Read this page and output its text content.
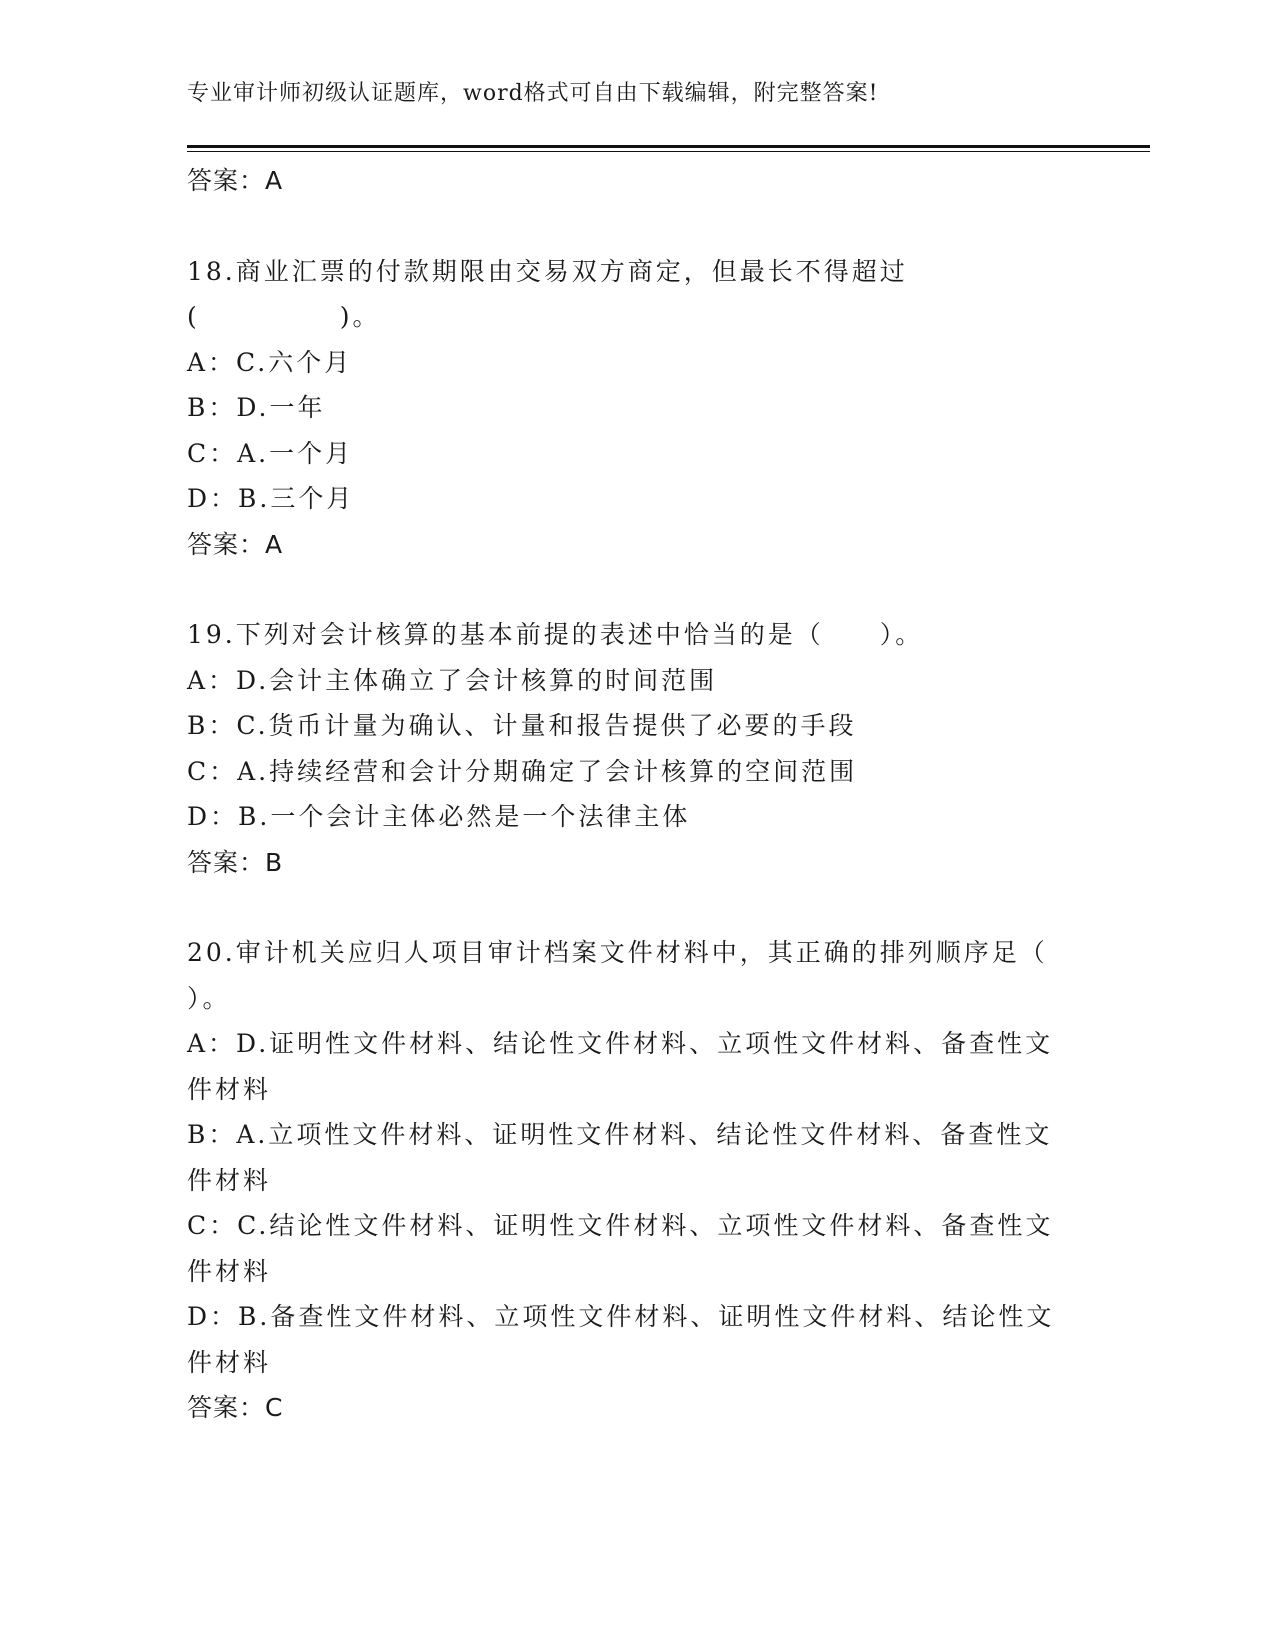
专业审计师初级认证题库，word格式可自由下载编辑，附完整答案!
答案：A
18.商业汇票的付款期限由交易双方商定，但最长不得超过
(　　　　　)。
A：C.六个月
B：D.一年
C：A.一个月
D：B.三个月
答案：A
19.下列对会计核算的基本前提的表述中恰当的是（　　）。
A：D.会计主体确立了会计核算的时间范围
B：C.货币计量为确认、计量和报告提供了必要的手段
C：A.持续经营和会计分期确定了会计核算的空间范围
D：B.一个会计主体必然是一个法律主体
答案：B
20.审计机关应归人项目审计档案文件材料中，其正确的排列顺序足（
）。
A：D.证明性文件材料、结论性文件材料、立项性文件材料、备查性文
件材料
B：A.立项性文件材料、证明性文件材料、结论性文件材料、备查性文
件材料
C：C.结论性文件材料、证明性文件材料、立项性文件材料、备查性文
件材料
D：B.备查性文件材料、立项性文件材料、证明性文件材料、结论性文
件材料
答案：C
